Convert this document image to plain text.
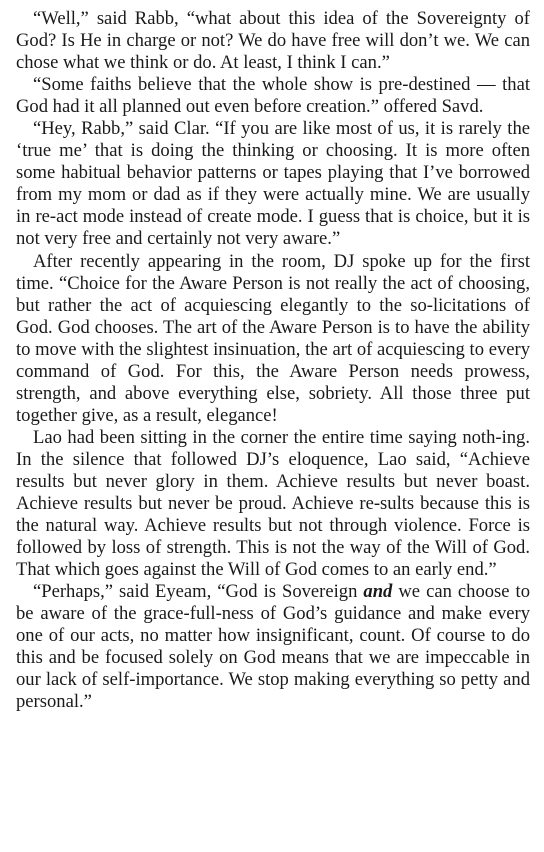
“Well,” said Rabb, “what about this idea of the Sovereignty of God? Is He in charge or not? We do have free will don’t we. We can chose what we think or do. At least, I think I can.”

“Some faiths believe that the whole show is pre-destined — that God had it all planned out even before creation.” offered Savd.

“Hey, Rabb,” said Clar. “If you are like most of us, it is rarely the ‘true me’ that is doing the thinking or choosing. It is more often some habitual behavior patterns or tapes playing that I’ve borrowed from my mom or dad as if they were actually mine. We are usually in re-act mode instead of create mode. I guess that is choice, but it is not very free and certainly not very aware.”

After recently appearing in the room, DJ spoke up for the first time. “Choice for the Aware Person is not really the act of choosing, but rather the act of acquiescing elegantly to the so-licitations of God. God chooses. The art of the Aware Person is to have the ability to move with the slightest insinuation, the art of acquiescing to every command of God. For this, the Aware Person needs prowess, strength, and above everything else, sobriety. All those three put together give, as a result, elegance!

Lao had been sitting in the corner the entire time saying noth-ing. In the silence that followed DJ’s eloquence, Lao said, “Achieve results but never glory in them. Achieve results but never boast. Achieve results but never be proud. Achieve re-sults because this is the natural way. Achieve results but not through violence. Force is followed by loss of strength. This is not the way of the Will of God. That which goes against the Will of God comes to an early end.”

“Perhaps,” said Eyeam, “God is Sovereign and we can choose to be aware of the grace-full-ness of God’s guidance and make every one of our acts, no matter how insignificant, count. Of course to do this and be focused solely on God means that we are impeccable in our lack of self-importance. We stop making everything so petty and personal.”
